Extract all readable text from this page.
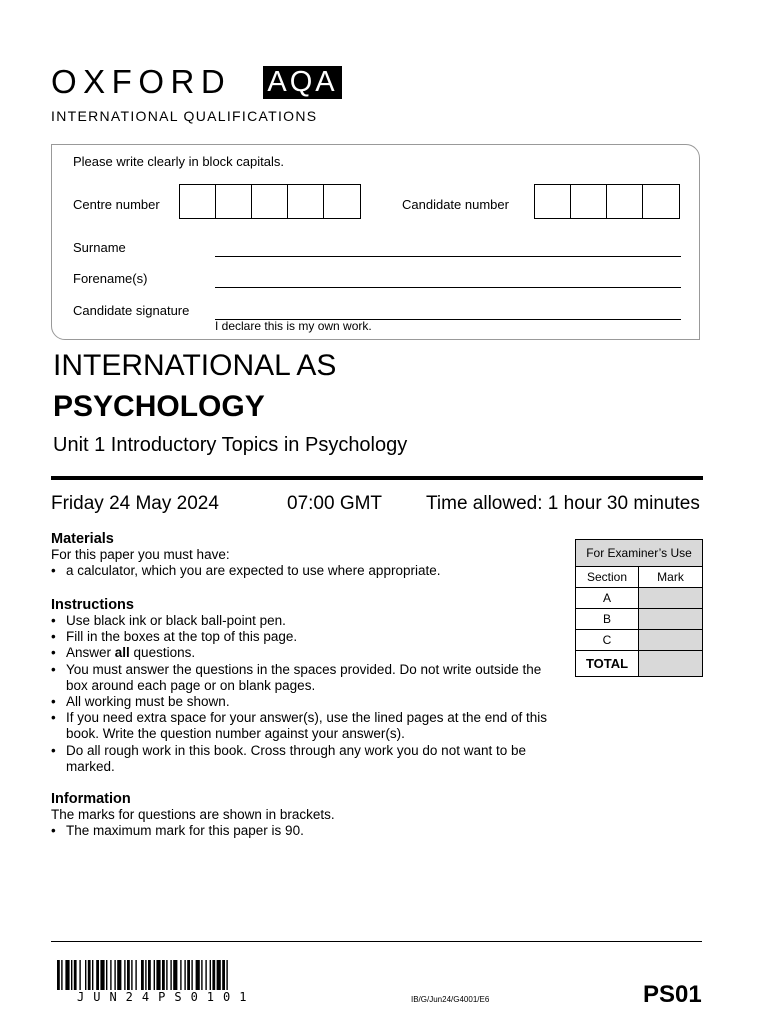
OXFORD AQA
INTERNATIONAL QUALIFICATIONS
Please write clearly in block capitals.
Centre number	Candidate number
Surname
Forename(s)
Candidate signature
I declare this is my own work.
INTERNATIONAL AS
PSYCHOLOGY
Unit 1 Introductory Topics in Psychology
Friday 24 May 2024	07:00 GMT Time allowed: 1 hour 30 minutes
Materials
For this paper you must have:
• a calculator, which you are expected to use where appropriate.
Instructions
• Use black ink or black ball-point pen.
• Fill in the boxes at the top of this page.
• Answer all questions.
• You must answer the questions in the spaces provided. Do not write outside the box around each page or on blank pages.
• All working must be shown.
• If you need extra space for your answer(s), use the lined pages at the end of this book. Write the question number against your answer(s).
• Do all rough work in this book. Cross through any work you do not want to be marked.
Information
The marks for questions are shown in brackets.
• The maximum mark for this paper is 90.
For Examiner’s Use	
Section	Mark
A	
B	
C	
TOTAL	
JUN24PS0101	IB/G/Jun24/G4001/E6	PS01
